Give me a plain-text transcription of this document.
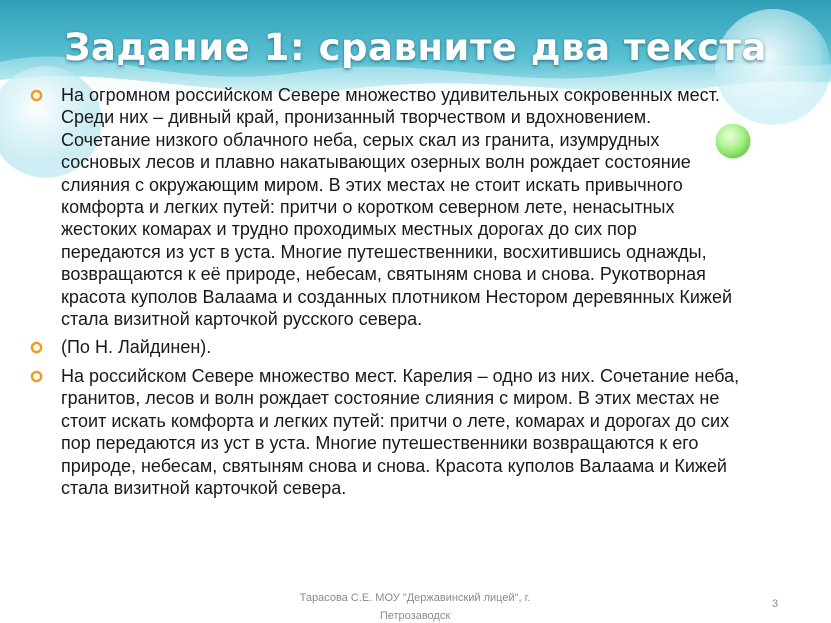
Задание 1: сравните два текста
На огромном российском Севере множество удивительных сокровенных мест.
Среди них – дивный край, пронизанный творчеством и вдохновением.
Сочетание низкого облачного неба, серых скал из гранита, изумрудных
сосновых лесов и плавно накатывающих озерных волн рождает состояние
слияния с окружающим миром. В этих местах не стоит искать привычного
комфорта и легких путей: притчи о коротком северном лете, ненасытных
жестоких комарах и трудно проходимых местных дорогах до сих пор
передаются из уст в уста. Многие путешественники, восхитившись однажды,
возвращаются к её природе, небесам, святыням снова и снова. Рукотворная
красота куполов Валаама и созданных плотником Нестором деревянных Кижей
стала визитной карточкой русского севера.
(По Н. Лайдинен).
На российском Севере множество мест. Карелия – одно из них. Сочетание неба,
гранитов, лесов и волн рождает состояние слияния с миром. В этих местах не
стоит искать комфорта и легких путей: притчи о лете, комарах и дорогах до сих
пор передаются из уст в уста. Многие путешественники возвращаются к его
природе, небесам, святыням снова и снова. Красота куполов Валаама и Кижей
стала визитной карточкой севера.
Тарасова С.Е. МОУ "Державинский лицей", г. Петрозаводск
3
